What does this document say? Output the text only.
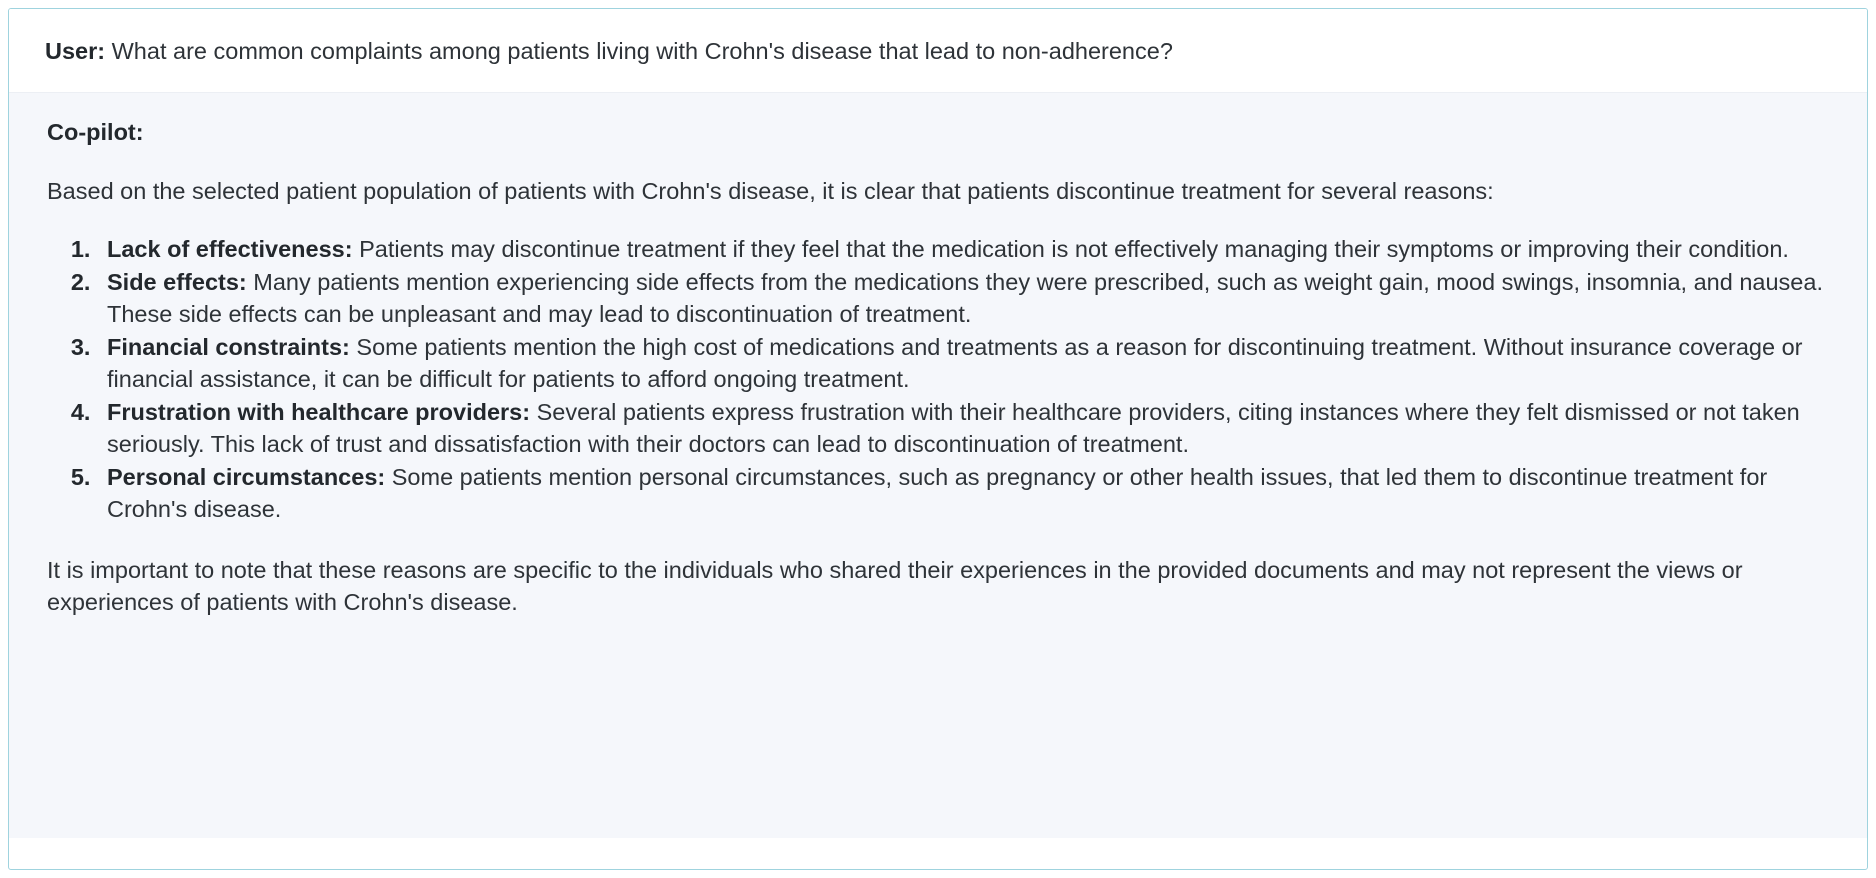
User: What are common complaints among patients living with Crohn's disease that lead to non-adherence?
Co-pilot:

Based on the selected patient population of patients with Crohn's disease, it is clear that patients discontinue treatment for several reasons:

1. Lack of effectiveness: Patients may discontinue treatment if they feel that the medication is not effectively managing their symptoms or improving their condition.
2. Side effects: Many patients mention experiencing side effects from the medications they were prescribed, such as weight gain, mood swings, insomnia, and nausea. These side effects can be unpleasant and may lead to discontinuation of treatment.
3. Financial constraints: Some patients mention the high cost of medications and treatments as a reason for discontinuing treatment. Without insurance coverage or financial assistance, it can be difficult for patients to afford ongoing treatment.
4. Frustration with healthcare providers: Several patients express frustration with their healthcare providers, citing instances where they felt dismissed or not taken seriously. This lack of trust and dissatisfaction with their doctors can lead to discontinuation of treatment.
5. Personal circumstances: Some patients mention personal circumstances, such as pregnancy or other health issues, that led them to discontinue treatment for Crohn's disease.

It is important to note that these reasons are specific to the individuals who shared their experiences in the provided documents and may not represent the views or experiences of patients with Crohn's disease.
